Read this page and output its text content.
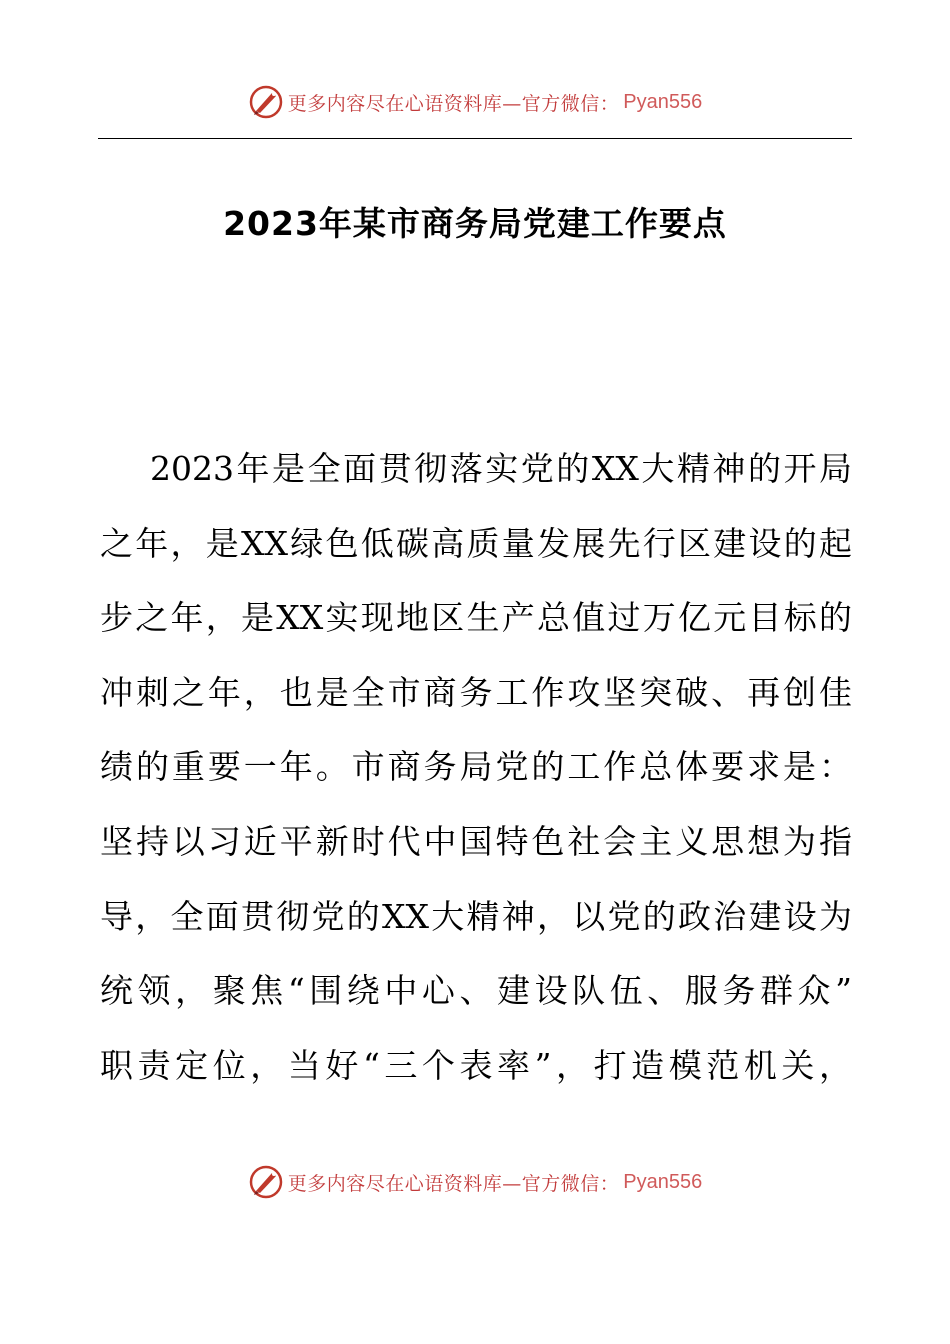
更多内容尽在心语资料库—官方微信： Pyan556
2023年某市商务局党建工作要点
2023年是全面贯彻落实党的XX大精神的开局
之年，是XX绿色低碳高质量发展先行区建设的起
步之年，是XX实现地区生产总值过万亿元目标的
冲刺之年，也是全市商务工作攻坚突破、再创佳
绩的重要一年。市商务局党的工作总体要求是：
坚持以习近平新时代中国特色社会主义思想为指
导，全面贯彻党的XX大精神，以党的政治建设为
统领，聚焦“围绕中心、建设队伍、服务群众”
职责定位，当好“三个表率”，打造模范机关，
更多内容尽在心语资料库—官方微信： Pyan556
